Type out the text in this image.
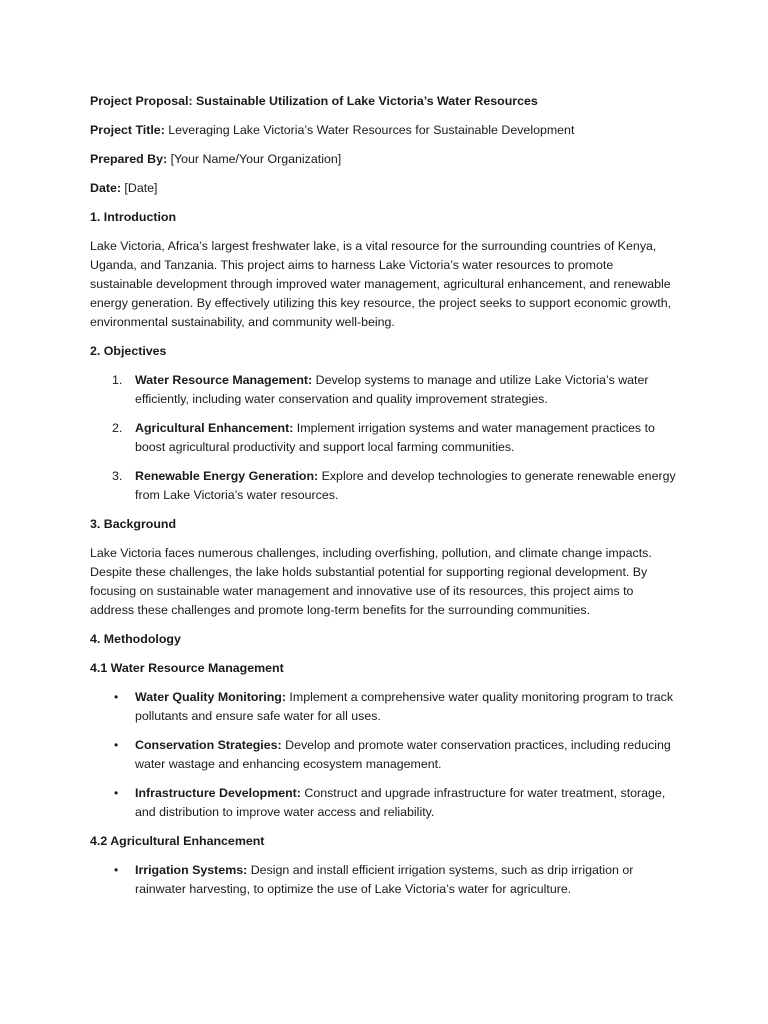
Project Proposal: Sustainable Utilization of Lake Victoria’s Water Resources

Project Title: Leveraging Lake Victoria’s Water Resources for Sustainable Development

Prepared By: [Your Name/Your Organization]

Date: [Date]

1. Introduction

Lake Victoria, Africa’s largest freshwater lake, is a vital resource for the surrounding countries of Kenya, Uganda, and Tanzania. This project aims to harness Lake Victoria’s water resources to promote sustainable development through improved water management, agricultural enhancement, and renewable energy generation. By effectively utilizing this key resource, the project seeks to support economic growth, environmental sustainability, and community well-being.

2. Objectives

1. Water Resource Management: Develop systems to manage and utilize Lake Victoria’s water efficiently, including water conservation and quality improvement strategies.
2. Agricultural Enhancement: Implement irrigation systems and water management practices to boost agricultural productivity and support local farming communities.
3. Renewable Energy Generation: Explore and develop technologies to generate renewable energy from Lake Victoria’s water resources.

3. Background

Lake Victoria faces numerous challenges, including overfishing, pollution, and climate change impacts. Despite these challenges, the lake holds substantial potential for supporting regional development. By focusing on sustainable water management and innovative use of its resources, this project aims to address these challenges and promote long-term benefits for the surrounding communities.

4. Methodology

4.1 Water Resource Management

• Water Quality Monitoring: Implement a comprehensive water quality monitoring program to track pollutants and ensure safe water for all uses.
• Conservation Strategies: Develop and promote water conservation practices, including reducing water wastage and enhancing ecosystem management.
• Infrastructure Development: Construct and upgrade infrastructure for water treatment, storage, and distribution to improve water access and reliability.

4.2 Agricultural Enhancement

• Irrigation Systems: Design and install efficient irrigation systems, such as drip irrigation or rainwater harvesting, to optimize the use of Lake Victoria’s water for agriculture.
